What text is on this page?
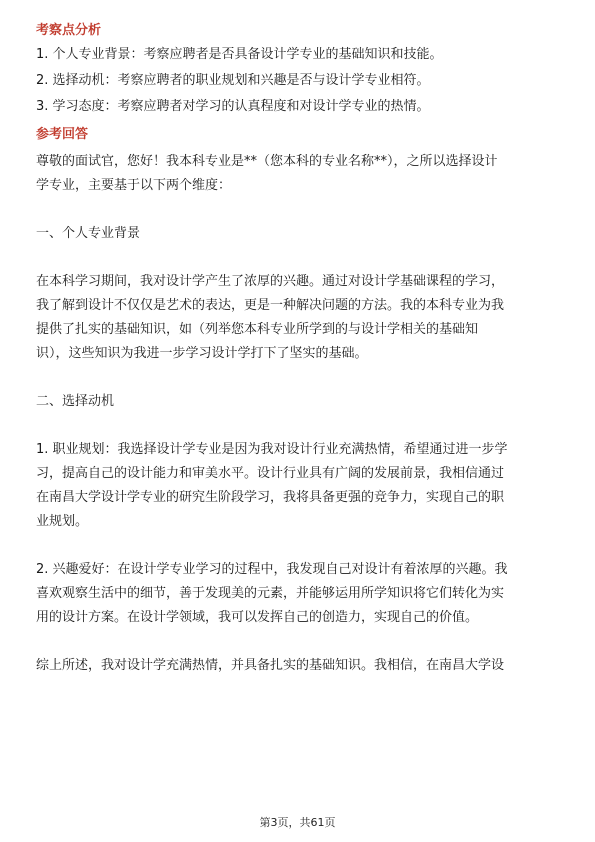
考察点分析
1. 个人专业背景：考察应聘者是否具备设计学专业的基础知识和技能。
2. 选择动机：考察应聘者的职业规划和兴趣是否与设计学专业相符。
3. 学习态度：考察应聘者对学习的认真程度和对设计学专业的热情。
参考回答
尊敬的面试官，您好！我本科专业是**（您本科的专业名称**），之所以选择设计
学专业，主要基于以下两个维度：
一、个人专业背景
在本科学习期间，我对设计学产生了浓厚的兴趣。通过对设计学基础课程的学习，
我了解到设计不仅仅是艺术的表达，更是一种解决问题的方法。我的本科专业为我
提供了扎实的基础知识，如（列举您本科专业所学到的与设计学相关的基础知
识），这些知识为我进一步学习设计学打下了坚实的基础。
二、选择动机
1. 职业规划：我选择设计学专业是因为我对设计行业充满热情，希望通过进一步学
习，提高自己的设计能力和审美水平。设计行业具有广阔的发展前景，我相信通过
在南昌大学设计学专业的研究生阶段学习，我将具备更强的竞争力，实现自己的职
业规划。
2. 兴趣爱好：在设计学专业学习的过程中，我发现自己对设计有着浓厚的兴趣。我
喜欢观察生活中的细节，善于发现美的元素，并能够运用所学知识将它们转化为实
用的设计方案。在设计学领域，我可以发挥自己的创造力，实现自己的价值。
综上所述，我对设计学充满热情，并具备扎实的基础知识。我相信，在南昌大学设
第3页，共61页
